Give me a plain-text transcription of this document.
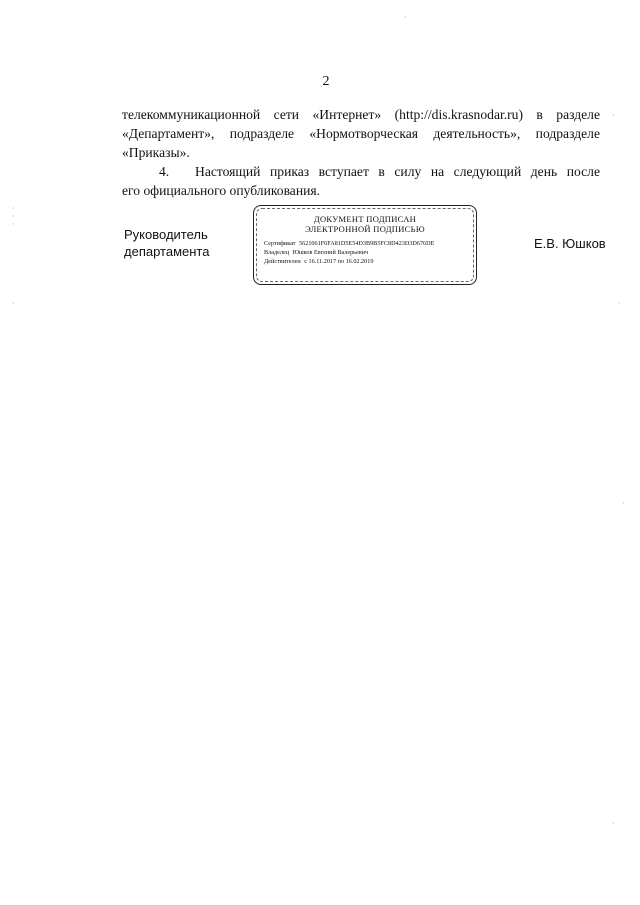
2
телекоммуникационной сети «Интернет» (http://dis.krasnodar.ru) в разделе
«Департамент», подразделе «Нормотворческая деятельность», подразделе
«Приказы».
4. Настоящий приказ вступает в силу на следующий день после
его официального опубликования.
Руководитель
департамента
ДОКУМЕНТ ПОДПИСАН
ЭЛЕКТРОННОЙ ПОДПИСЬЮ
Сертификат 5621061F6FA81D5E54D3B9B5FC8D423D3D676DE
Владелец Юшков Евгений Валерьевич
Действителен с 16.11.2017 по 16.02.2019
Е.В. Юшков
·
·
·
·
·
·
·
·
·
